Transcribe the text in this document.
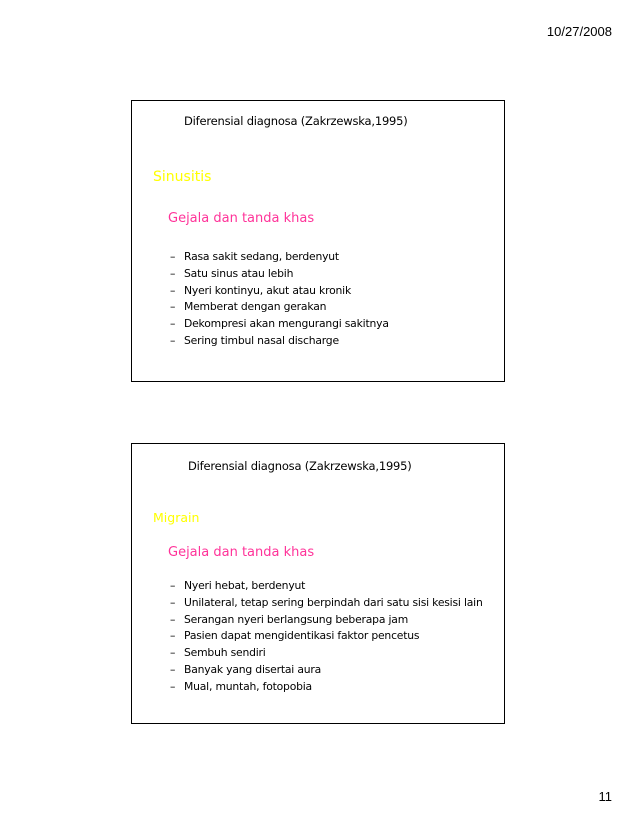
10/27/2008
Diferensial diagnosa (Zakrzewska,1995)
Sinusitis
Gejala dan tanda khas
– Rasa sakit sedang, berdenyut
– Satu sinus atau lebih
– Nyeri kontinyu, akut atau kronik
– Memberat dengan gerakan
– Dekompresi akan mengurangi sakitnya
– Sering timbul nasal discharge
Diferensial diagnosa (Zakrzewska,1995)
Migrain
Gejala dan tanda khas
– Nyeri hebat, berdenyut
– Unilateral, tetap sering berpindah dari satu sisi kesisi lain
– Serangan nyeri berlangsung beberapa jam
– Pasien dapat mengidentikasi faktor pencetus
– Sembuh sendiri
– Banyak yang disertai aura
– Mual, muntah, fotopobia
11
